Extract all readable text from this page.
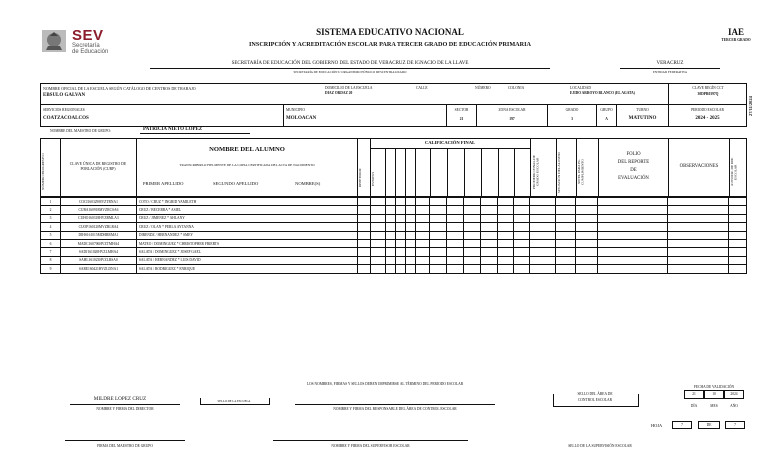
SEV
Secretaría
de Educación
SISTEMA EDUCATIVO NACIONAL
INSCRIPCIÓN Y ACREDITACIÓN ESCOLAR PARA TERCER GRADO DE EDUCACIÓN PRIMARIA
IAE
TERCER GRADO
SECRETARÍA DE EDUCACIÓN DEL GOBIERNO DEL ESTADO DE VERACRUZ DE IGNACIO DE LA LLAVE
SECRETARÍA DE EDUCACIÓN U ORGANISMO PÚBLICO DESCENTRALIZADO
VERACRUZ
ENTIDAD FEDERATIVA
NOMBRE OFICIAL DE LA ESCUELA SEGÚN CATÁLOGO DE CENTROS DE TRABAJO
EBSULO GALVAN
DOMICILIO DE LA ESCUELA
DIAZ ORDAZ 20
CALLE	NÚMERO	COLONIA	LOCALIDAD
EJIDO ARROYO BLANCO (EL AGATA)
CLAVE REGÍN CCT
30DPR0397Q
SERVICIOS REGIONALES
COATZACOALCOS
MUNICIPIO
MOLOACAN
SECTOR
21
ZONA ESCOLAR
197
GRADO
3
GRUPO
A
TURNO
MATUTINO
PERIODO ESCOLAR
2024 - 2025
27/11/2024
NOMBRE DEL MAESTRO DE GRUPO:	PATRICIA NIETO LOPEZ
NÚMERO PROGRESIVO	CLAVE ÚNICA DE REGISTRO DE POBLACIÓN (CURP)
NOMBRE DEL ALUMNO
TRANSCRIBIRLO FIELMENTE DE LA COPIA CERTIFICADA DEL ACTA DE NACIMIENTO
PRIMER APELLIDO	SEGUNDO APELLIDO	NOMBRE(S)	REPETIDOR
CALIFICACIÓN FINAL
ESTATUS	PROMEDIO FINAL DE GRADO ESCOLAR	SITUACIÓN DEL ALUMNO	NIVEL PARA EL CUMPLIMIENTO
FOLIO
DEL REPORTE
DE
EVALUACIÓN
OBSERVACIONES	AUTORIZ. DE DIR. ESCOLAR
1	COCI160329MVZTRNA1	COTO / CRUZ * INGRID YAMILETH																		
2	CUBA160918MVZRCSA6	CRUZ / BECERRA * ASIEL																		
3	CUHO160318HVZRMLA3	CRUZ / JIMENEZ * AHLANY																		
4	CUOP160120MVZRLRA4	CRUZ / OLAN * PERLA AYTANNA																		
5	DIHS161015MDHRRMA1	DIRENDZ / HERNANDEZ * SMEY																		
6	MADC160706HVZTMHA4	MATEO / DOMINGUEZ * CHRISTOPHER FRIERTS																		
7	SADJ161020HVZLMHA4	SALATA / DOMINGUEZ * JOSEP GAEL																		
8	SAHL161023HVZLRSA0	SALATA / HERNANDEZ * LUIS DAVID																		
9	SARE160421HVZLDNA1	SALATA / RODRIGUEZ * ENRIQUE																		
LOS NOMBRES, FIRMAS Y SELLOS DEBEN IMPRIMIRSE AL TÉRMINO DEL PERIODO ESCOLAR
MILDRE LOPEZ CRUZ
NOMBRE Y FIRMA DEL DIRECTOR
SELLO DE LA ESCUELA
NOMBRE Y FIRMA DEL RESPONSABLE DEL ÁREA DE CONTROL ESCOLAR
SELLO DEL ÁREA DE
CONTROL ESCOLAR
FECHA DE VALIDACIÓN
21	10	2024
DÍA	MES	AÑO
HOJA	7	DE	7
FIRMA DEL MAESTRO DE GRUPO	NOMBRE Y FIRMA DEL SUPERVISOR ESCOLAR	SELLO DE LA SUPERVISIÓN ESCOLAR
